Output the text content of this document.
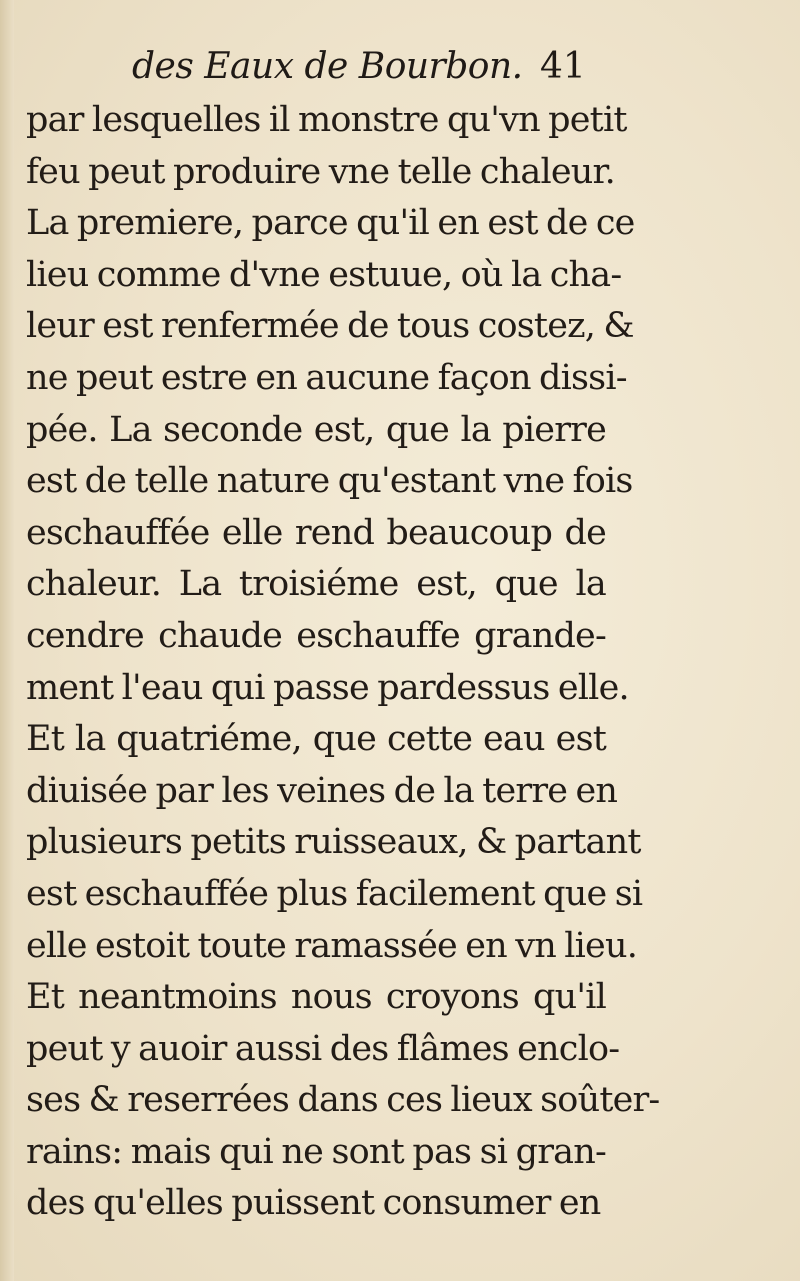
des Eaux de Bourbon. 41
par lesquelles il monstre qu'vn petit
feu peut produire vne telle chaleur.
La premiere, parce qu'il en est de ce
lieu comme d'vne estuue, où la cha-
leur est renfermée de tous costez, &
ne peut estre en aucune façon dissi-
pée. La seconde est, que la pierre
est de telle nature qu'estant vne fois
eschauffée elle rend beaucoup de
chaleur. La troisiéme est, que la
cendre chaude eschauffe grande-
ment l'eau qui passe pardessus elle.
Et la quatriéme, que cette eau est
diuisée par les veines de la terre en
plusieurs petits ruisseaux, & partant
est eschauffée plus facilement que si
elle estoit toute ramassée en vn lieu.
Et neantmoins nous croyons qu'il
peut y auoir aussi des flâmes enclo-
ses & reserrées dans ces lieux soûter-
rains: mais qui ne sont pas si gran-
des qu'elles puissent consumer en
